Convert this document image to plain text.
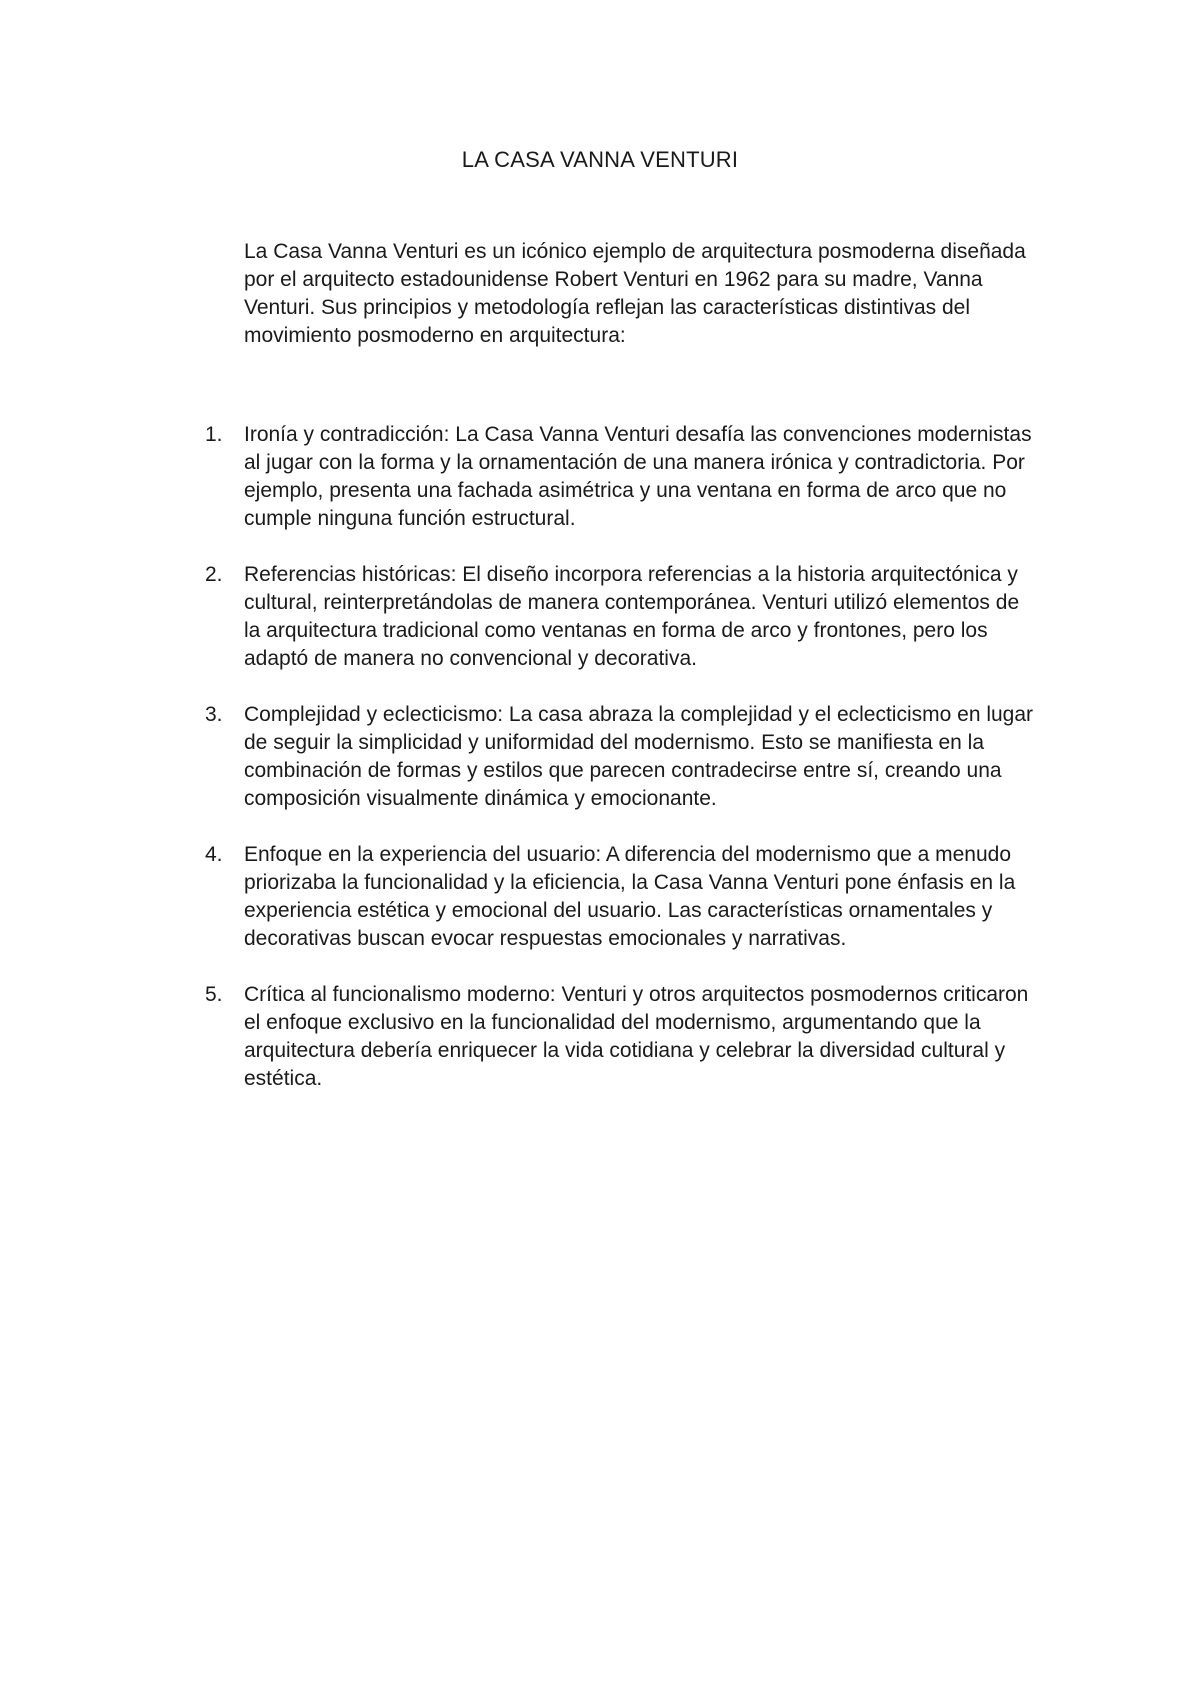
LA CASA VANNA VENTURI

La Casa Vanna Venturi es un icónico ejemplo de arquitectura posmoderna diseñada por el arquitecto estadounidense Robert Venturi en 1962 para su madre, Vanna Venturi. Sus principios y metodología reflejan las características distintivas del movimiento posmoderno en arquitectura:

1. Ironía y contradicción: La Casa Vanna Venturi desafía las convenciones modernistas al jugar con la forma y la ornamentación de una manera irónica y contradictoria. Por ejemplo, presenta una fachada asimétrica y una ventana en forma de arco que no cumple ninguna función estructural.
2. Referencias históricas: El diseño incorpora referencias a la historia arquitectónica y cultural, reinterpretándolas de manera contemporánea. Venturi utilizó elementos de la arquitectura tradicional como ventanas en forma de arco y frontones, pero los adaptó de manera no convencional y decorativa.
3. Complejidad y eclecticismo: La casa abraza la complejidad y el eclecticismo en lugar de seguir la simplicidad y uniformidad del modernismo. Esto se manifiesta en la combinación de formas y estilos que parecen contradecirse entre sí, creando una composición visualmente dinámica y emocionante.
4. Enfoque en la experiencia del usuario: A diferencia del modernismo que a menudo priorizaba la funcionalidad y la eficiencia, la Casa Vanna Venturi pone énfasis en la experiencia estética y emocional del usuario. Las características ornamentales y decorativas buscan evocar respuestas emocionales y narrativas.
5. Crítica al funcionalismo moderno: Venturi y otros arquitectos posmodernos criticaron el enfoque exclusivo en la funcionalidad del modernismo, argumentando que la arquitectura debería enriquecer la vida cotidiana y celebrar la diversidad cultural y estética.
